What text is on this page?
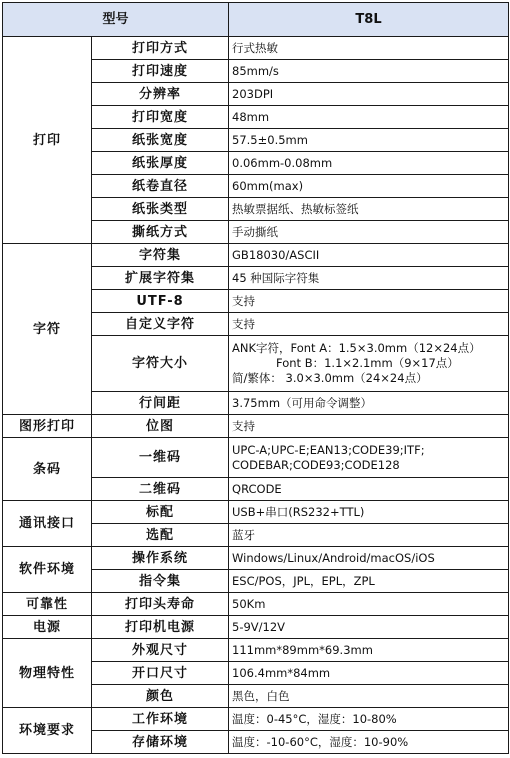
型号		T8L
打印	打印方式	行式热敏
	打印速度	85mm/s
	分辨率	203DPI
	打印宽度	48mm
	纸张宽度	57.5±0.5mm
	纸张厚度	0.06mm-0.08mm
	纸卷直径	60mm(max)
	纸张类型	热敏票据纸、热敏标签纸
	撕纸方式	手动撕纸
字符	字符集	GB18030/ASCII
	扩展字符集	45 种国际字符集
	UTF-8	支持
	自定义字符	支持
	字符大小	ANK字符，Font A：1.5×3.0mm（12×24点）
Font B：1.1×2.1mm（9×17点）
简/繁体： 3.0×3.0mm（24×24点）

	行间距	3.75mm（可用命令调整）
图形打印	位图	支持
条码	一维码	UPC-A;UPC-E;EAN13;CODE39;ITF;
CODEBAR;CODE93;CODE128

	二维码	QRCODE
通讯接口	标配	USB+串口(RS232+TTL)
	选配	蓝牙
软件环境	操作系统	Windows/Linux/Android/macOS/iOS
	指令集	ESC/POS，JPL，EPL，ZPL
可靠性	打印头寿命	50Km
电源	打印机电源	5-9V/12V
物理特性	外观尺寸	111mm*89mm*69.3mm
	开口尺寸	106.4mm*84mm
	颜色	黑色，白色
环境要求	工作环境	温度：0-45°C，湿度：10-80%
	存储环境	温度：-10-60°C，湿度：10-90%
